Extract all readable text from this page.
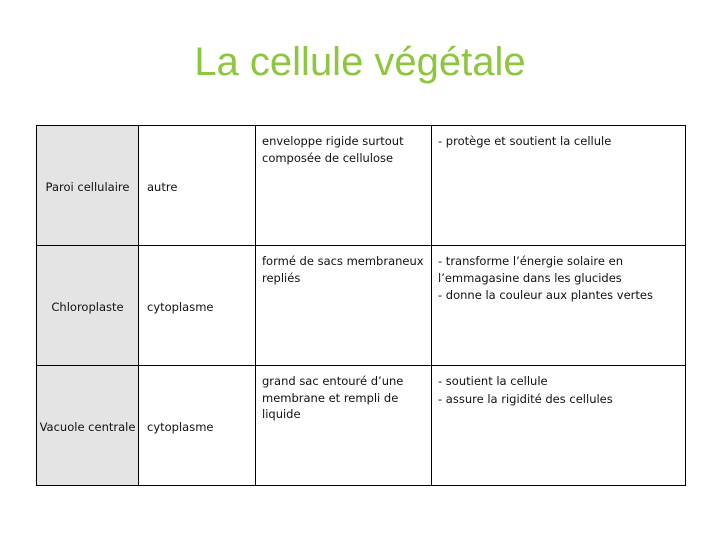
La cellule végétale
Paroi cellulaire	autre	enveloppe rigide surtout composée de cellulose	- protège et soutient la cellule

Chloroplaste	cytoplasme	formé de sacs membraneux repliés	- transforme l’énergie solaire en l’emmagasine dans les glucides
- donne la couleur aux plantes vertes

Vacuole centrale	cytoplasme	grand sac entouré d’une membrane et rempli de liquide	- soutient la cellule
- assure la rigidité des cellules
